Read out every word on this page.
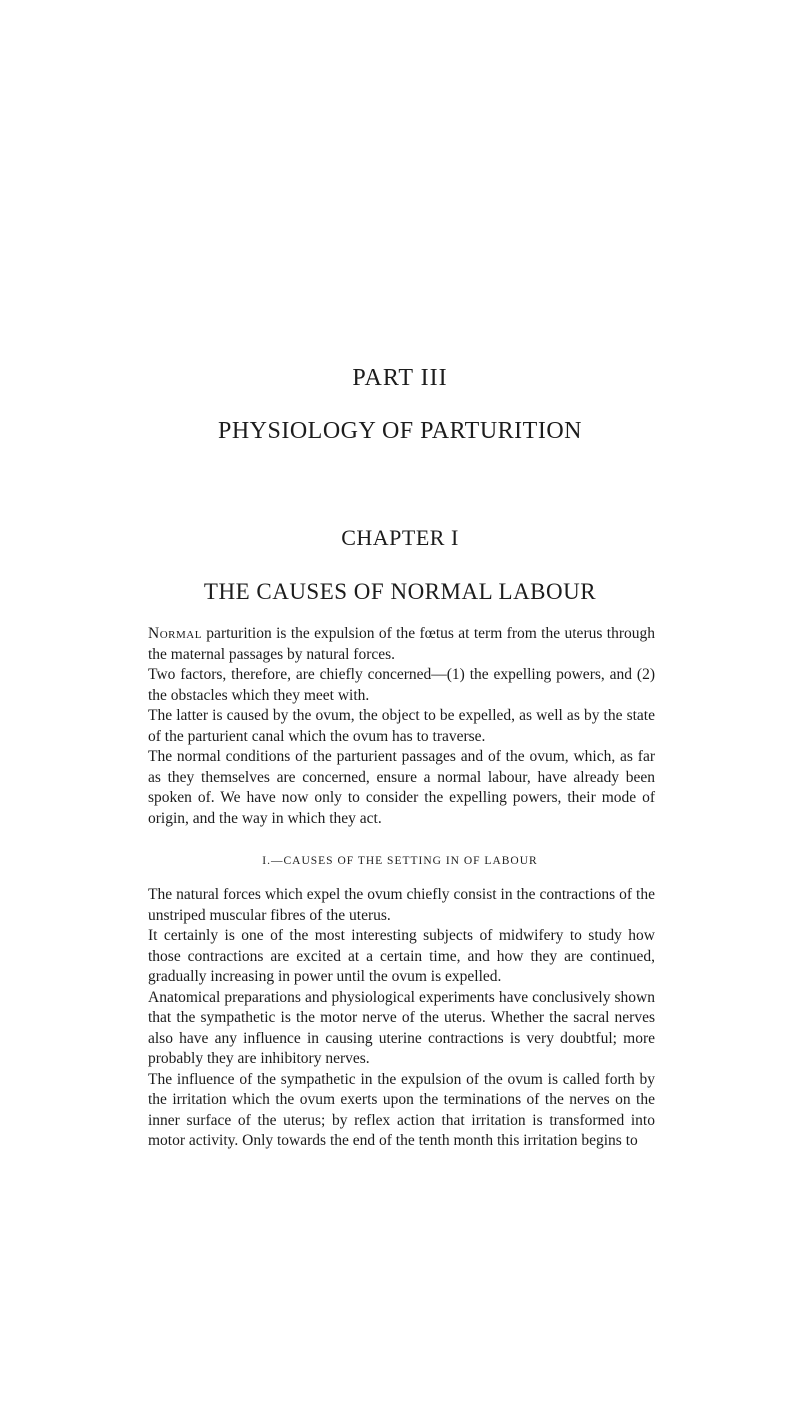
PART III
PHYSIOLOGY OF PARTURITION
CHAPTER I
THE CAUSES OF NORMAL LABOUR

Normal parturition is the expulsion of the fœtus at term from the uterus through the maternal passages by natural forces.

Two factors, therefore, are chiefly concerned—(1) the expelling powers, and (2) the obstacles which they meet with.

The latter is caused by the ovum, the object to be expelled, as well as by the state of the parturient canal which the ovum has to traverse.

The normal conditions of the parturient passages and of the ovum, which, as far as they themselves are concerned, ensure a normal labour, have already been spoken of. We have now only to consider the expelling powers, their mode of origin, and the way in which they act.

I.—CAUSES OF THE SETTING IN OF LABOUR

The natural forces which expel the ovum chiefly consist in the contractions of the unstriped muscular fibres of the uterus.

It certainly is one of the most interesting subjects of midwifery to study how those contractions are excited at a certain time, and how they are continued, gradually increasing in power until the ovum is expelled.

Anatomical preparations and physiological experiments have conclusively shown that the sympathetic is the motor nerve of the uterus. Whether the sacral nerves also have any influence in causing uterine contractions is very doubtful; more probably they are inhibitory nerves.

The influence of the sympathetic in the expulsion of the ovum is called forth by the irritation which the ovum exerts upon the terminations of the nerves on the inner surface of the uterus; by reflex action that irritation is transformed into motor activity. Only towards the end of the tenth month this irritation begins to
